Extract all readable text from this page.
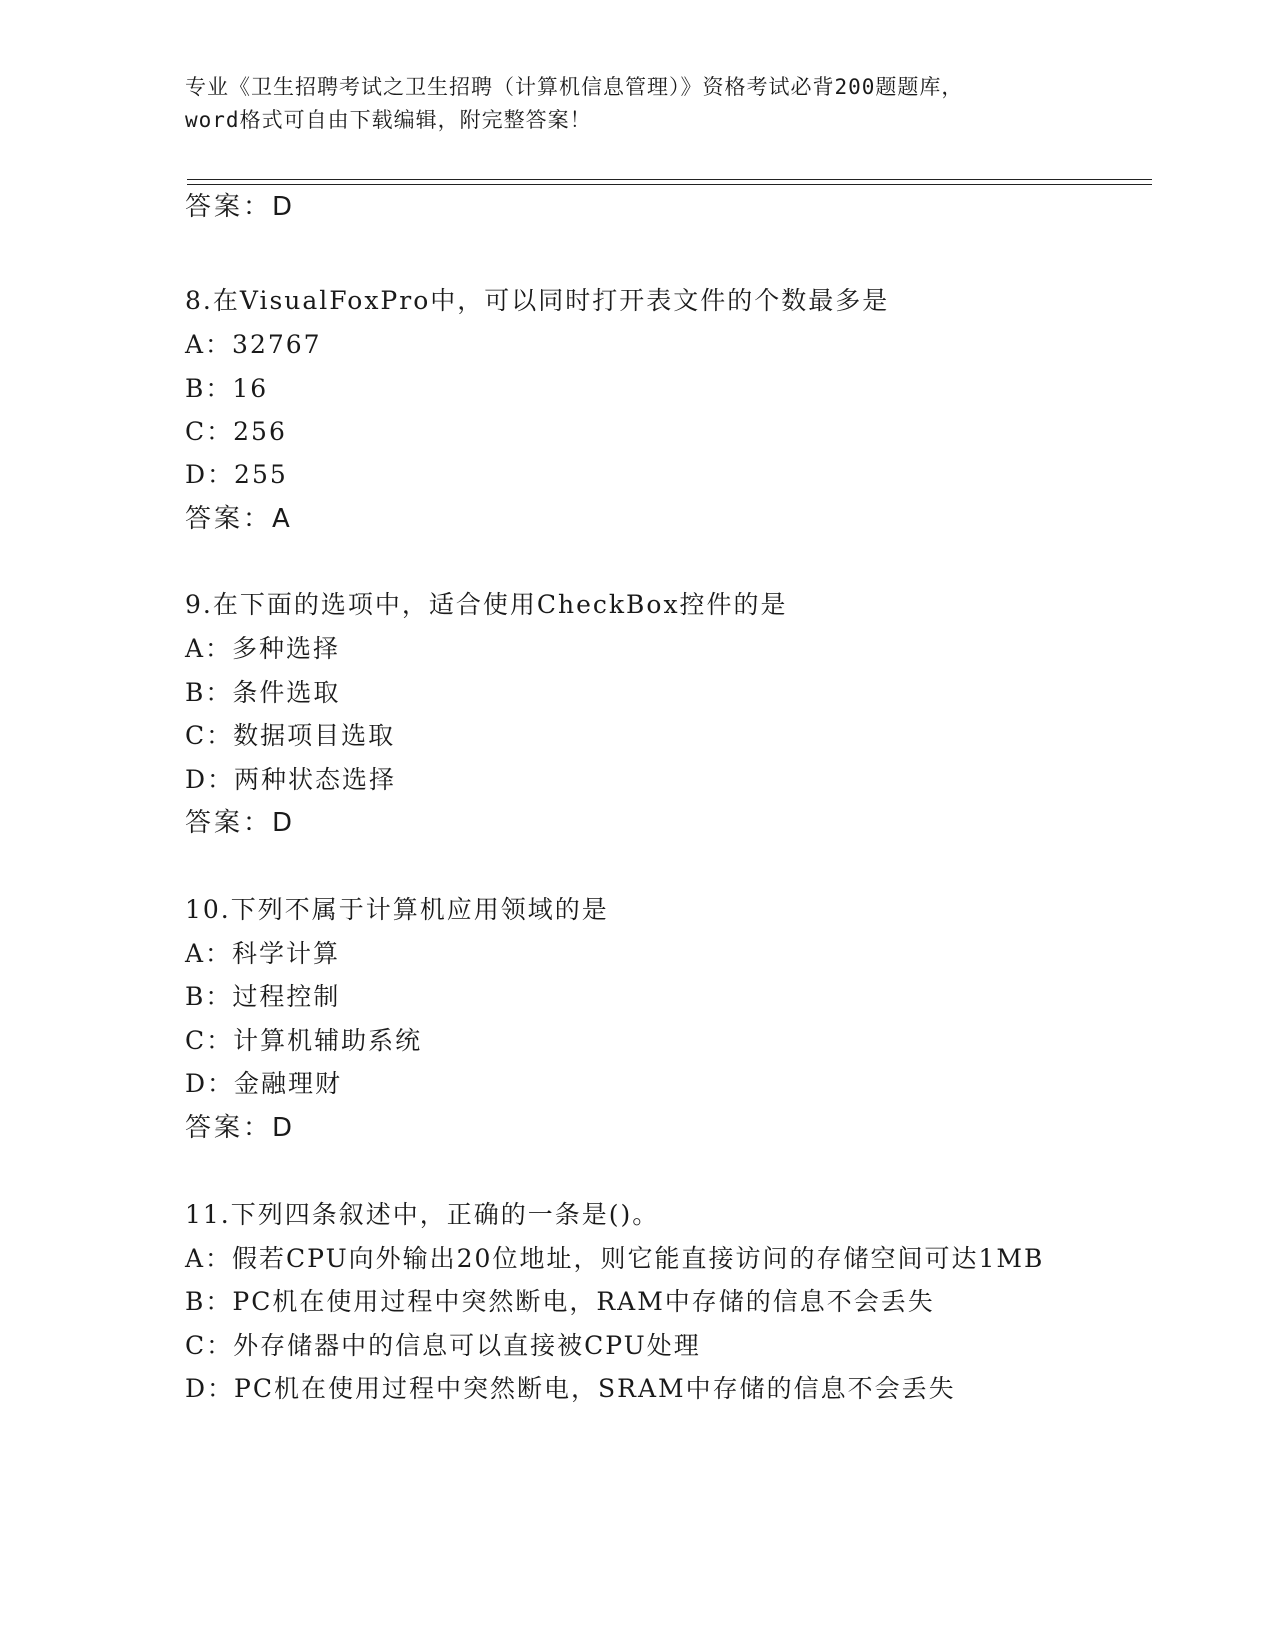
专业《卫生招聘考试之卫生招聘（计算机信息管理）》资格考试必背200题题库，
word格式可自由下载编辑，附完整答案！
答案：D
8.在VisualFoxPro中，可以同时打开表文件的个数最多是
A：32767
B：16
C：256
D：255
答案：A
9.在下面的选项中，适合使用CheckBox控件的是
A：多种选择
B：条件选取
C：数据项目选取
D：两种状态选择
答案：D
10.下列不属于计算机应用领域的是
A：科学计算
B：过程控制
C：计算机辅助系统
D：金融理财
答案：D
11.下列四条叙述中，正确的一条是()。
A：假若CPU向外输出20位地址，则它能直接访问的存储空间可达1MB
B：PC机在使用过程中突然断电，RAM中存储的信息不会丢失
C：外存储器中的信息可以直接被CPU处理
D：PC机在使用过程中突然断电，SRAM中存储的信息不会丢失
